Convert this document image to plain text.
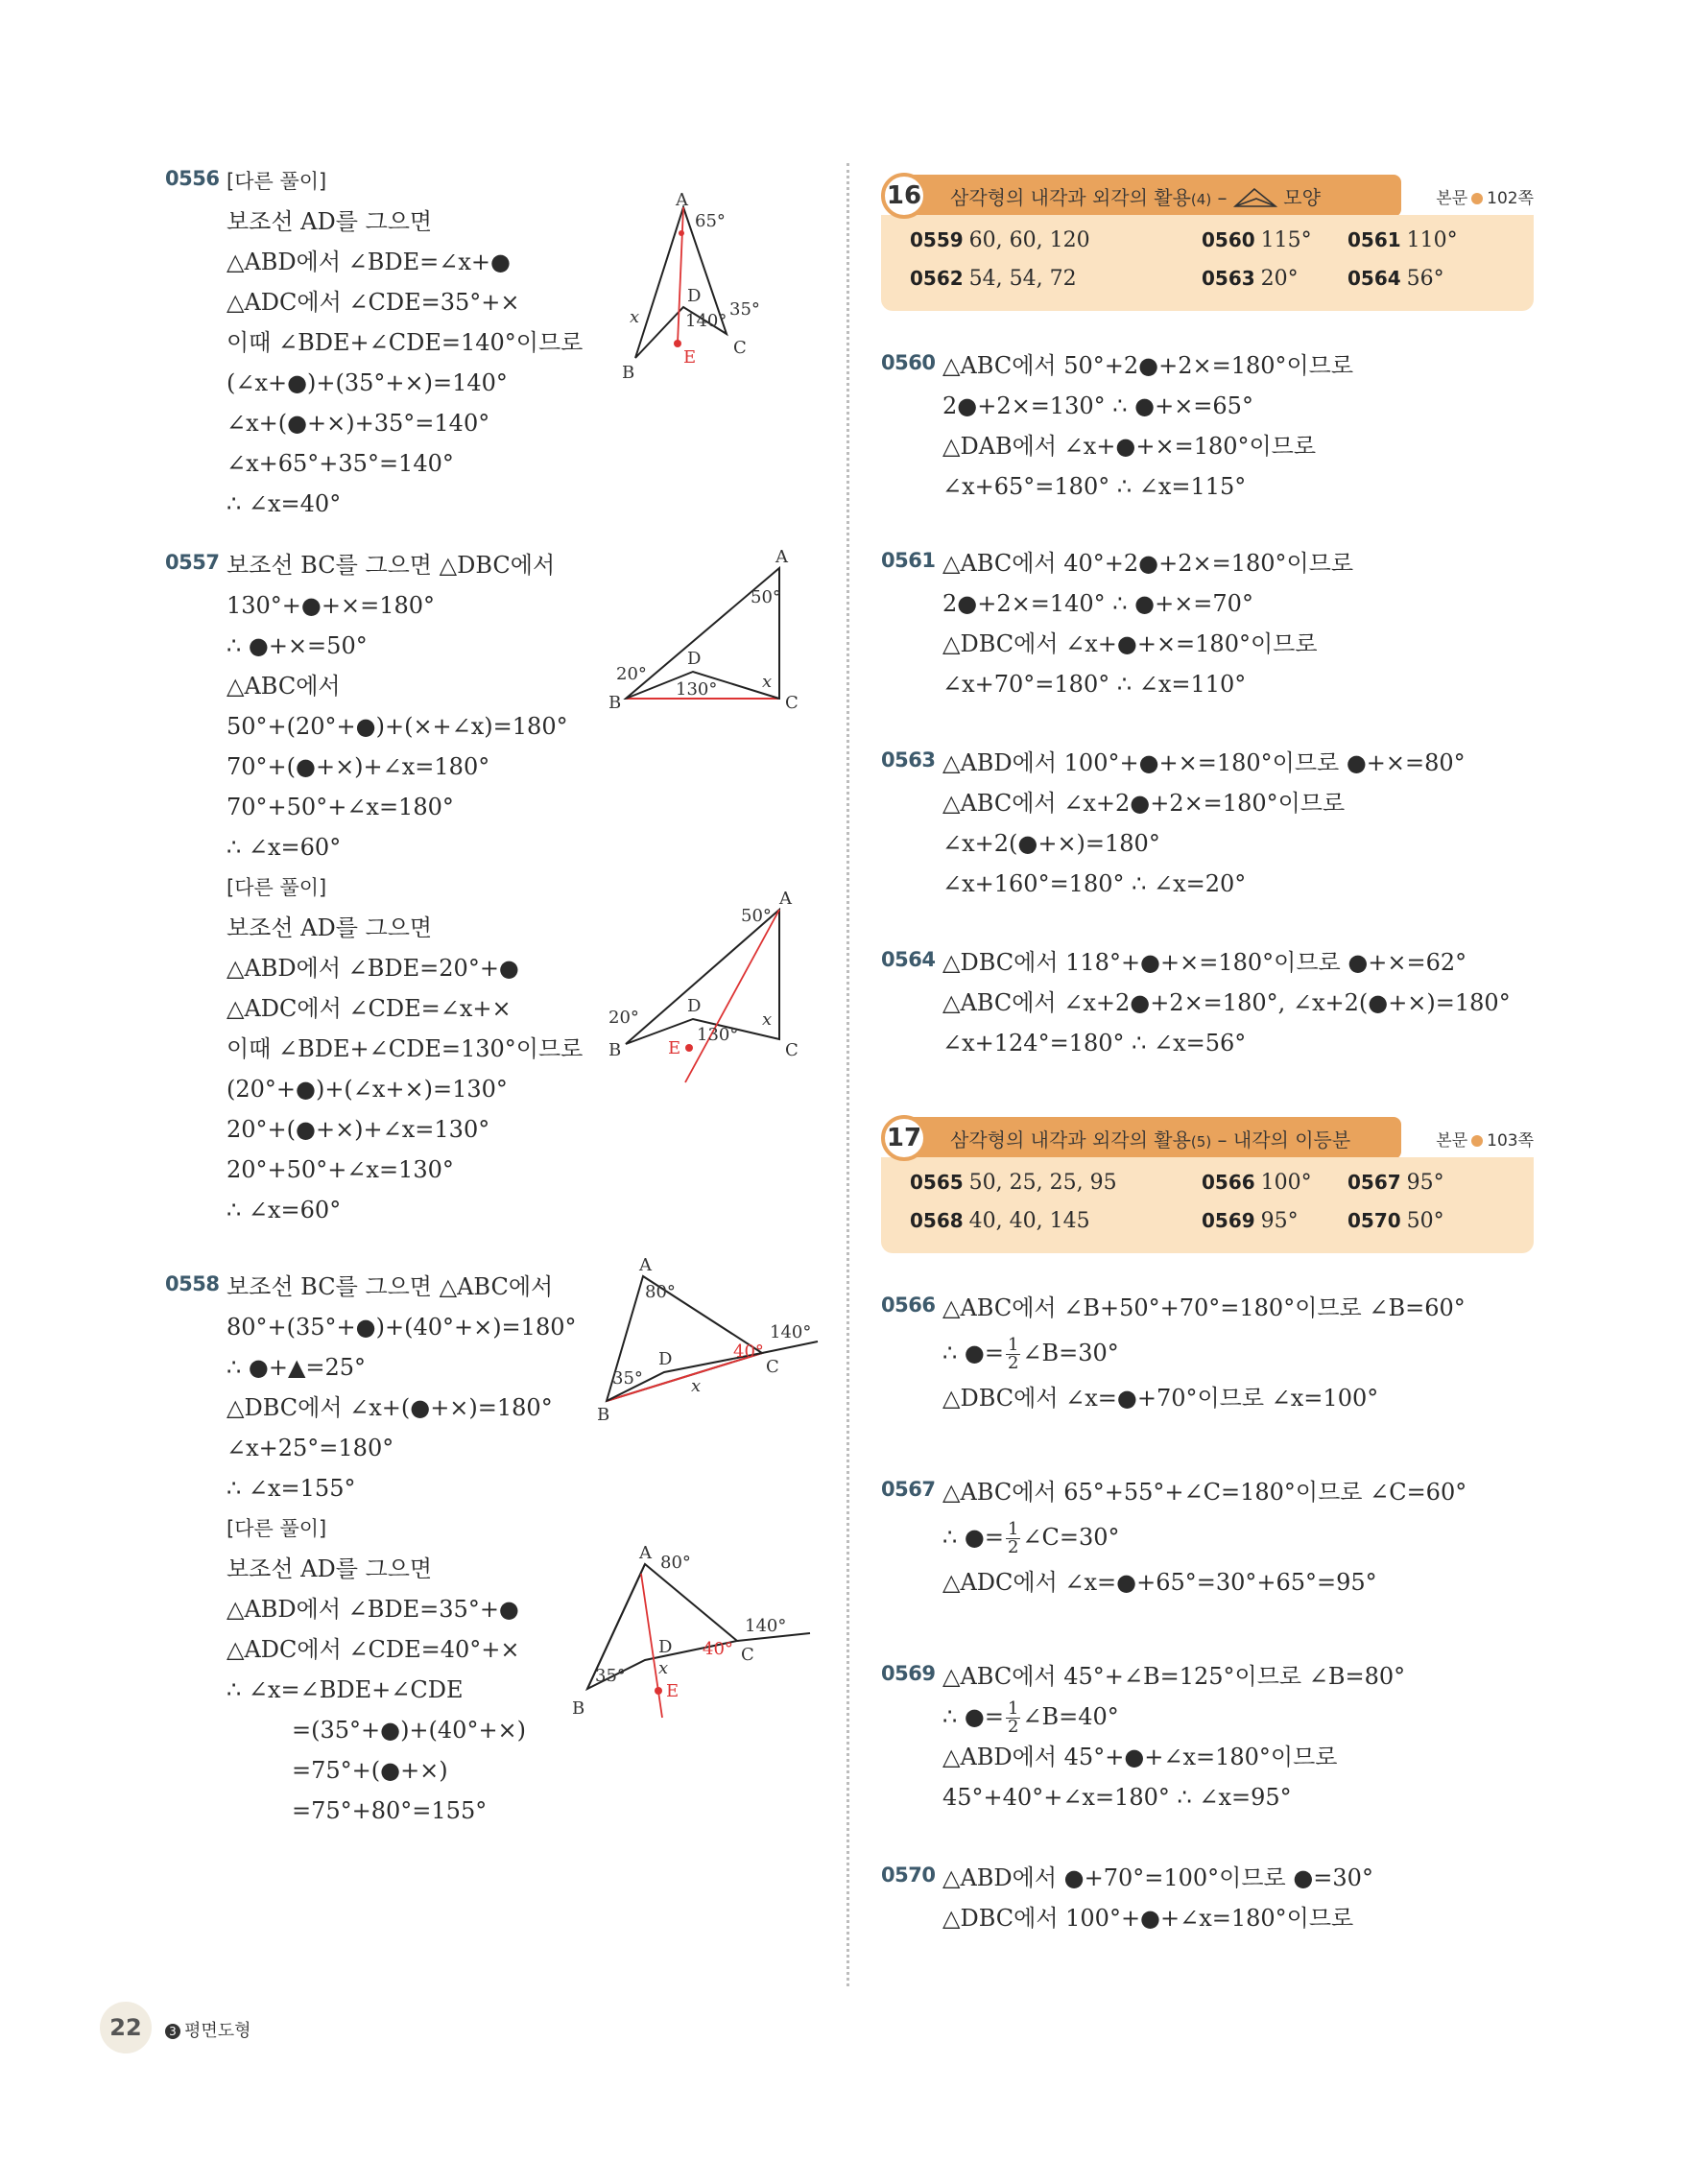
0556 [다른 풀이]
보조선 AD를 그으면
△ABD에서 ∠BDE=∠x+●
△ADC에서 ∠CDE=35°+×
이때 ∠BDE+∠CDE=140°이므로
(∠x+●)+(35°+×)=140°
∠x+(●+×)+35°=140°
∠x+65°+35°=140°
∴ ∠x=40°
A
B
C
D
E
65°
35°
140°
x
0557 보조선 BC를 그으면 △DBC에서
130°+●+×=180°
∴ ●+×=50°
△ABC에서
50°+(20°+●)+(×+∠x)=180°
70°+(●+×)+∠x=180°
70°+50°+∠x=180°
∴ ∠x=60°
[다른 풀이]
보조선 AD를 그으면
△ABD에서 ∠BDE=20°+●
△ADC에서 ∠CDE=∠x+×
이때 ∠BDE+∠CDE=130°이므로
(20°+●)+(∠x+×)=130°
20°+(●+×)+∠x=130°
20°+50°+∠x=130°
∴ ∠x=60°
A
B	C
D
50°
20°
130°	x
A
B	C
D
E
50°
20°
130°
x
0558 보조선 BC를 그으면 △ABC에서
80°+(35°+●)+(40°+×)=180°
∴ ●+▲=25°
△DBC에서 ∠x+(●+×)=180°
∠x+25°=180°
∴ ∠x=155°
[다른 풀이]
보조선 AD를 그으면
△ABD에서 ∠BDE=35°+●
△ADC에서 ∠CDE=40°+×
∴ ∠x=∠BDE+∠CDE
=(35°+●)+(40°+×)
=75°+(●+×)
=75°+80°=155°
A
B
C
D
80°
35°
40°
140°
x
A
B
C
D
E
80°
35°
40°
140°
x
16 삼각형의 내각과 외각의 활용(4) –	모양	본문 102쪽
0559 60, 60, 120	0560 115° 0561 110°
0562 54, 54, 72	0563 20°	0564 56°
0560 △ABC에서 50°+2●+2×=180°이므로
2●+2×=130° ∴ ●+×=65°
△DAB에서 ∠x+●+×=180°이므로
∠x+65°=180° ∴ ∠x=115°
0561 △ABC에서 40°+2●+2×=180°이므로
2●+2×=140° ∴ ●+×=70°
△DBC에서 ∠x+●+×=180°이므로
∠x+70°=180° ∴ ∠x=110°
0563 △ABD에서 100°+●+×=180°이므로 ●+×=80°
△ABC에서 ∠x+2●+2×=180°이므로
∠x+2(●+×)=180°
∠x+160°=180° ∴ ∠x=20°
0564 △DBC에서 118°+●+×=180°이므로 ●+×=62°
△ABC에서 ∠x+2●+2×=180°, ∠x+2(●+×)=180°
∠x+124°=180° ∴ ∠x=56°
17 삼각형의 내각과 외각의 활용(5) – 내각의 이등분	본문 103쪽
0565 50, 25, 25, 95	0566 100° 0567 95°
0568 40, 40, 145	0569 95°	0570 50°
0566 △ABC에서 ∠B+50°+70°=180°이므로 ∠B=60°
∴ ●= $\frac{1}{2}$ ∠B=30°
△DBC에서 ∠x=●+70°이므로 ∠x=100°
0567 △ABC에서 65°+55°+∠C=180°이므로 ∠C=60°
∴ ●= $\frac{1}{2}$ ∠C=30°
△ADC에서 ∠x=●+65°=30°+65°=95°
0569 △ABC에서 45°+∠B=125°이므로 ∠B=80°
∴ ●= $\frac{1}{2}$ ∠B=40°
△ABD에서 45°+●+∠x=180°이므로
45°+40°+∠x=180° ∴ ∠x=95°
0570 △ABD에서 ●+70°=100°이므로 ●=30°
△DBC에서 100°+●+∠x=180°이므로
22	3 평면도형
